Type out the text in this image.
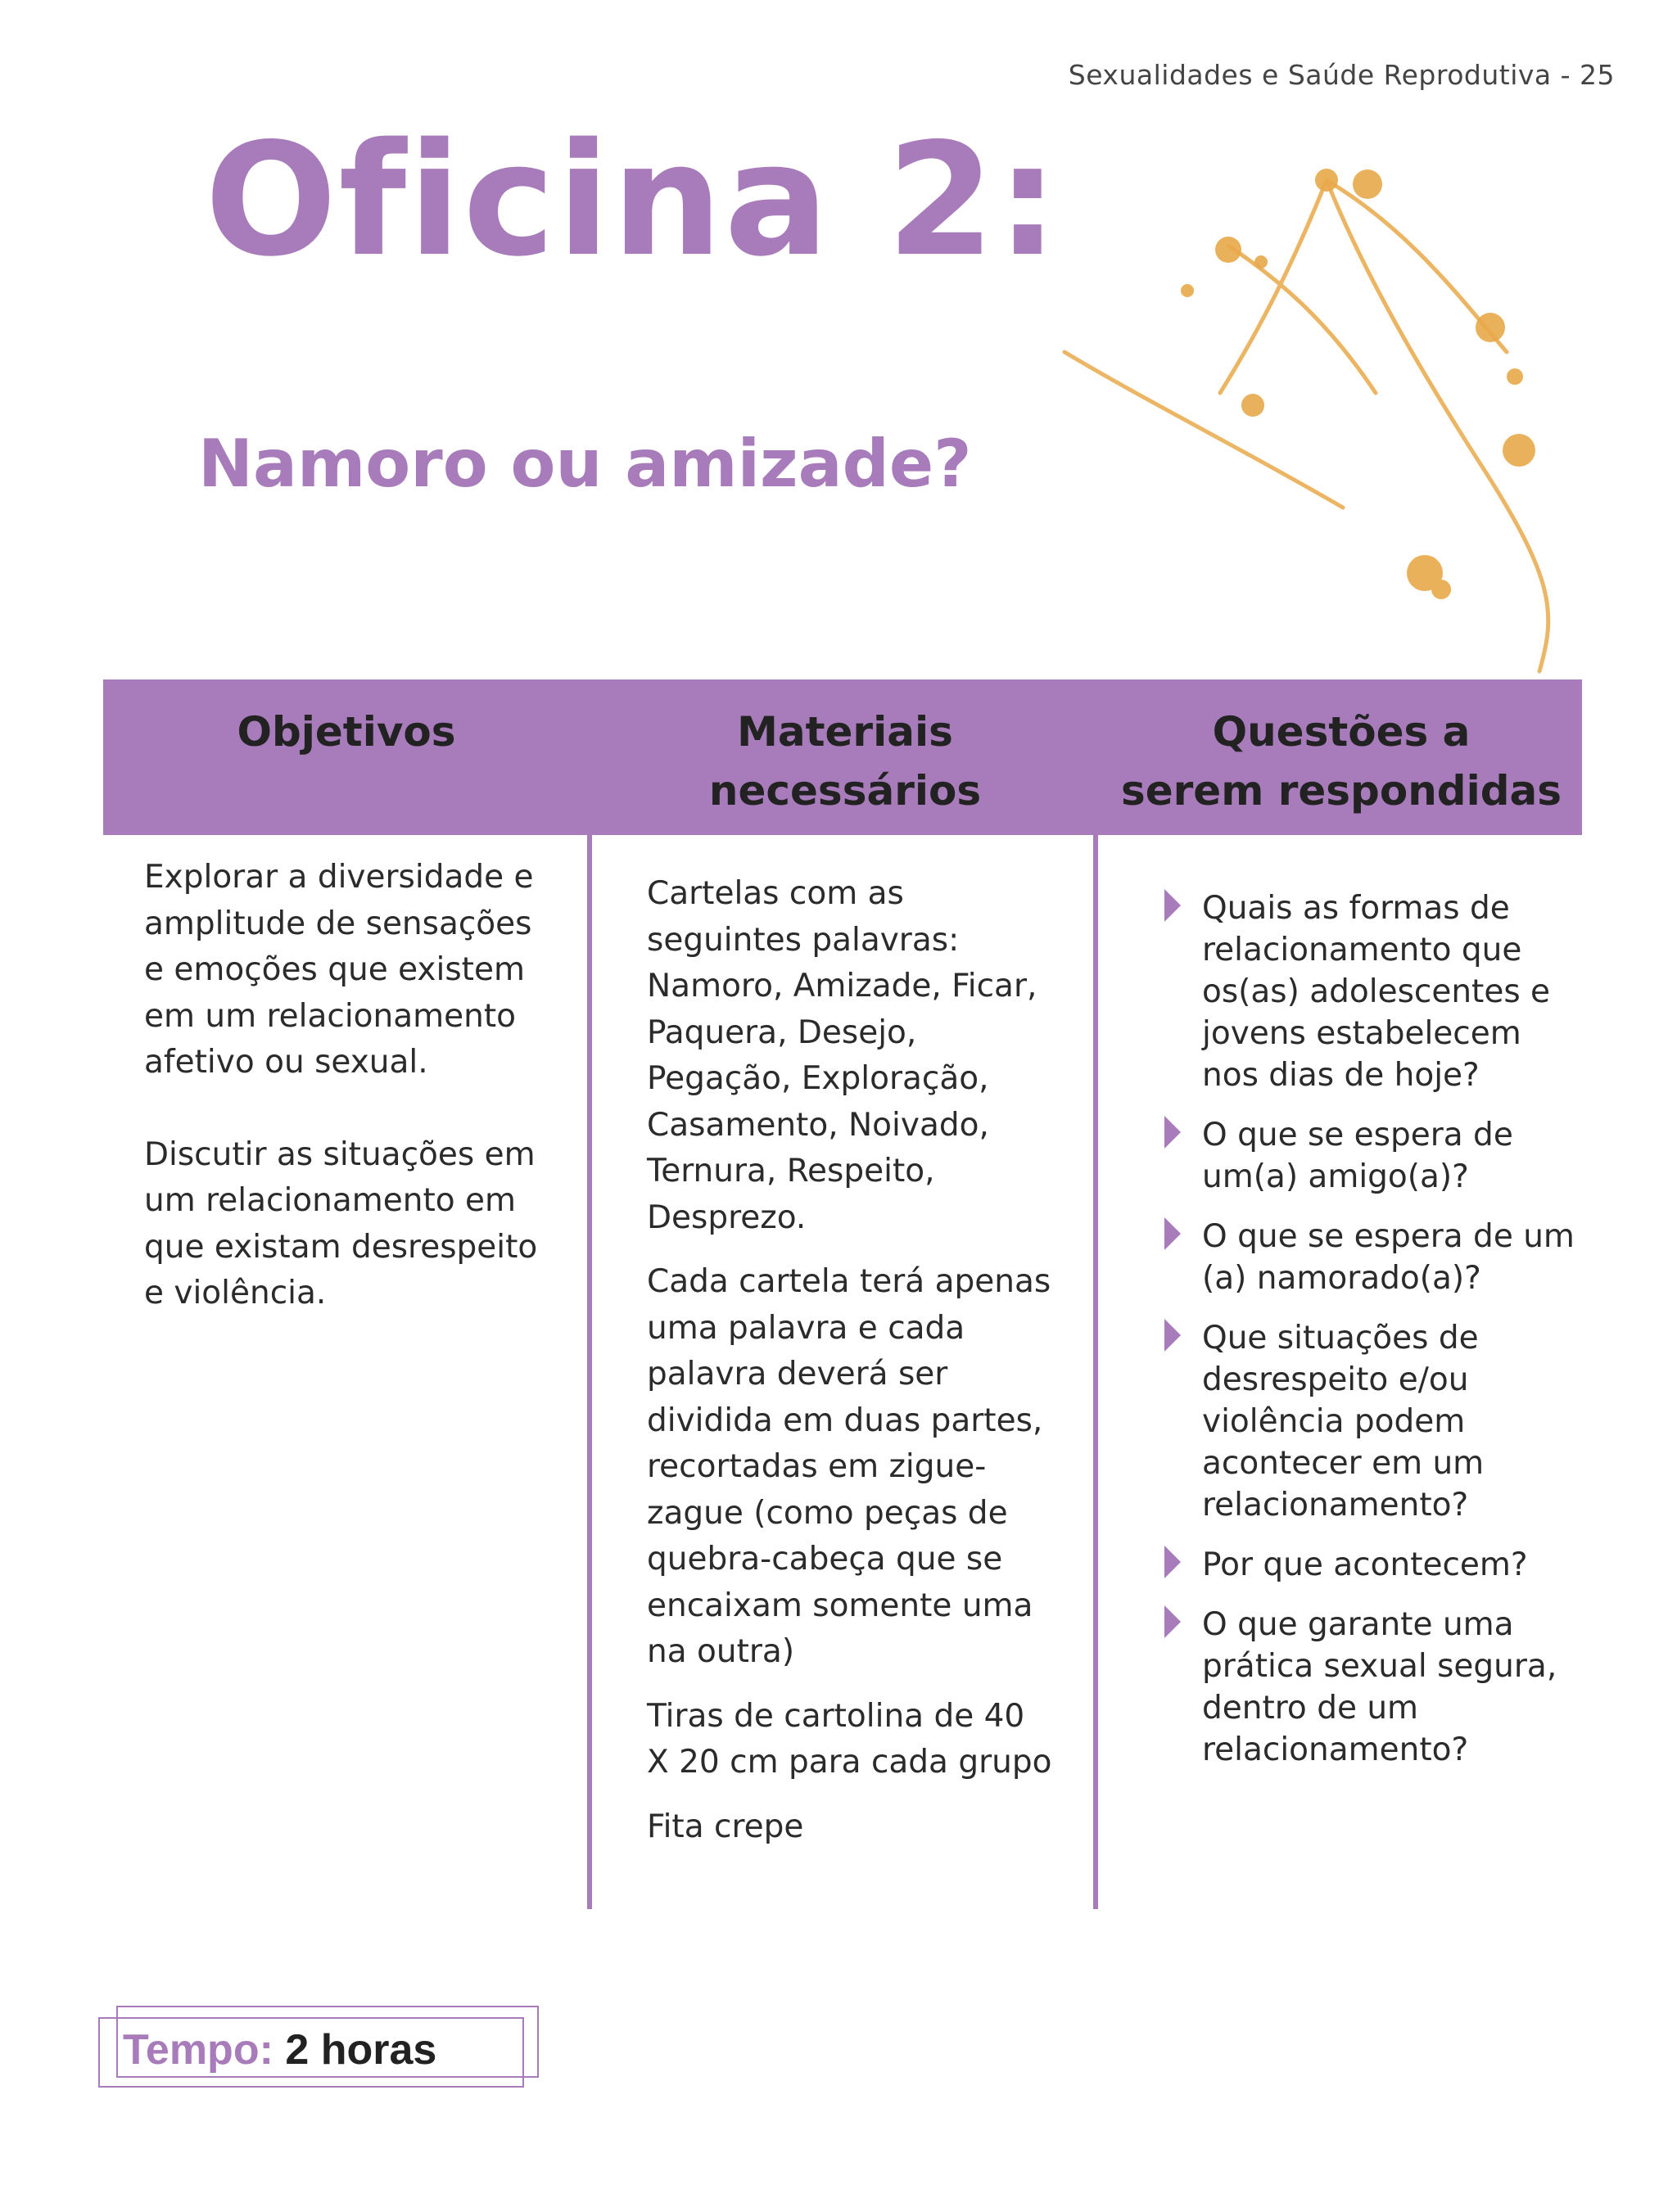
Sexualidades e Saúde Reprodutiva - 25
Oficina 2:
Namoro ou amizade?
Objetivos	Materiais necessários
Questões a
serem respondidas

Explorar a diversidade e amplitude de sensações e emoções que existem em um relacionamento afetivo ou sexual.

Discutir as situações em um relacionamento em que existam desrespeito e violência.

Cartelas com as seguintes palavras: Namoro, Amizade, Ficar, Paquera, Desejo, Pegação, Exploração, Casamento, Noivado, Ternura, Respeito, Desprezo.

Cada cartela terá apenas uma palavra e cada palavra deverá ser dividida em duas partes, recortadas em zigue-zague (como peças de quebra-cabeça que se encaixam somente uma na outra)

Tiras de cartolina de 40 X 20 cm para cada grupo

Fita crepe

Quais as formas de relacionamento que os(as) adolescentes e jovens estabelecem nos dias de hoje?
O que se espera de um(a) amigo(a)?
O que se espera de um (a) namorado(a)?
Que situações de desrespeito e/ou violência podem acontecer em um relacionamento?
Por que acontecem?
O que garante uma prática sexual segura, dentro de um relacionamento?
Tempo: 2 horas
